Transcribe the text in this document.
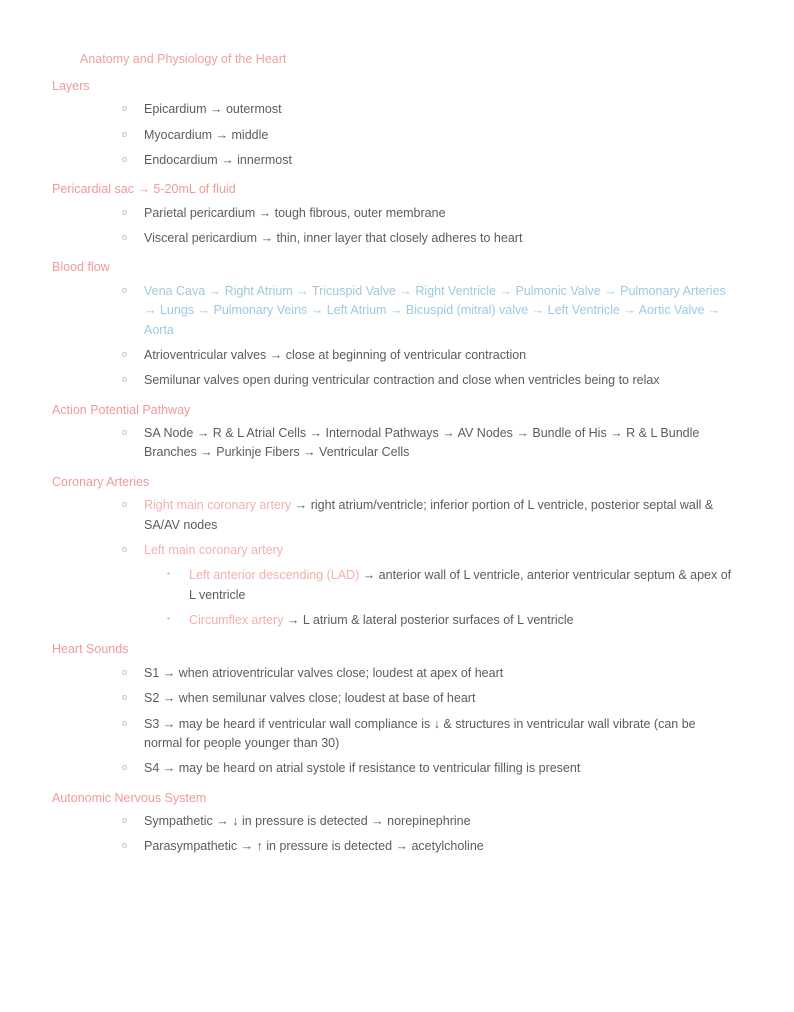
Anatomy and Physiology of the Heart
Layers
o	Epicardium → outermost
o	Myocardium → middle
o	Endocardium → innermost
Pericardial sac → 5-20mL of fluid
o	Parietal pericardium → tough fibrous, outer membrane
o	Visceral pericardium → thin, inner layer that closely adheres to heart
Blood flow
o	Vena Cava → Right Atrium → Tricuspid Valve → Right Ventricle → Pulmonic Valve → Pulmonary Arteries → Lungs → Pulmonary Veins → Left Atrium → Bicuspid (mitral) valve → Left Ventricle → Aortic Valve → Aorta
o	Atrioventricular valves → close at beginning of ventricular contraction
o	Semilunar valves open during ventricular contraction and close when ventricles being to relax
Action Potential Pathway
o	SA Node → R & L Atrial Cells → Internodal Pathways → AV Nodes → Bundle of His → R & L Bundle Branches → Purkinje Fibers → Ventricular Cells
Coronary Arteries
o	Right main coronary artery → right atrium/ventricle; inferior portion of L ventricle, posterior septal wall & SA/AV nodes
o	Left main coronary artery
▪	Left anterior descending (LAD) → anterior wall of L ventricle, anterior ventricular septum & apex of L ventricle
▪	Circumflex artery → L atrium & lateral posterior surfaces of L ventricle
Heart Sounds
o	S1 → when atrioventricular valves close; loudest at apex of heart
o	S2 → when semilunar valves close; loudest at base of heart
o	S3 → may be heard if ventricular wall compliance is ↓ & structures in ventricular wall vibrate (can be normal for people younger than 30)
o	S4 → may be heard on atrial systole if resistance to ventricular filling is present
Autonomic Nervous System
o	Sympathetic → ↓ in pressure is detected → norepinephrine
o	Parasympathetic → ↑ in pressure is detected → acetylcholine
